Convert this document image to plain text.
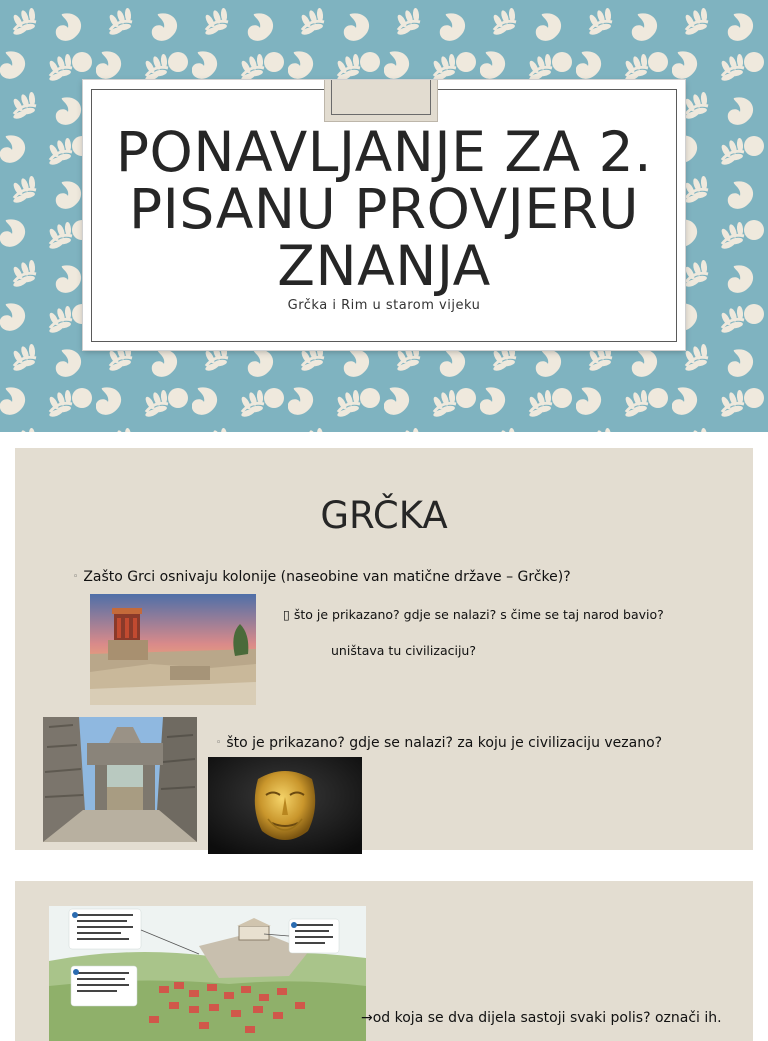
PONAVLJANJE ZA 2.
PISANU PROVJERU
ZNANJA
Grčka i Rim u starom vijeku
GRČKA
◦ Zašto Grci osnivaju kolonije (naseobine van matične države – Grčke)?
▯ što je prikazano? gdje se nalazi? s čime se taj narod bavio?
uništava tu civilizaciju?
◦ što je prikazano? gdje se nalazi? za koju je civilizaciju vezano?
→od koja se dva dijela sastoji svaki polis? označi ih.
